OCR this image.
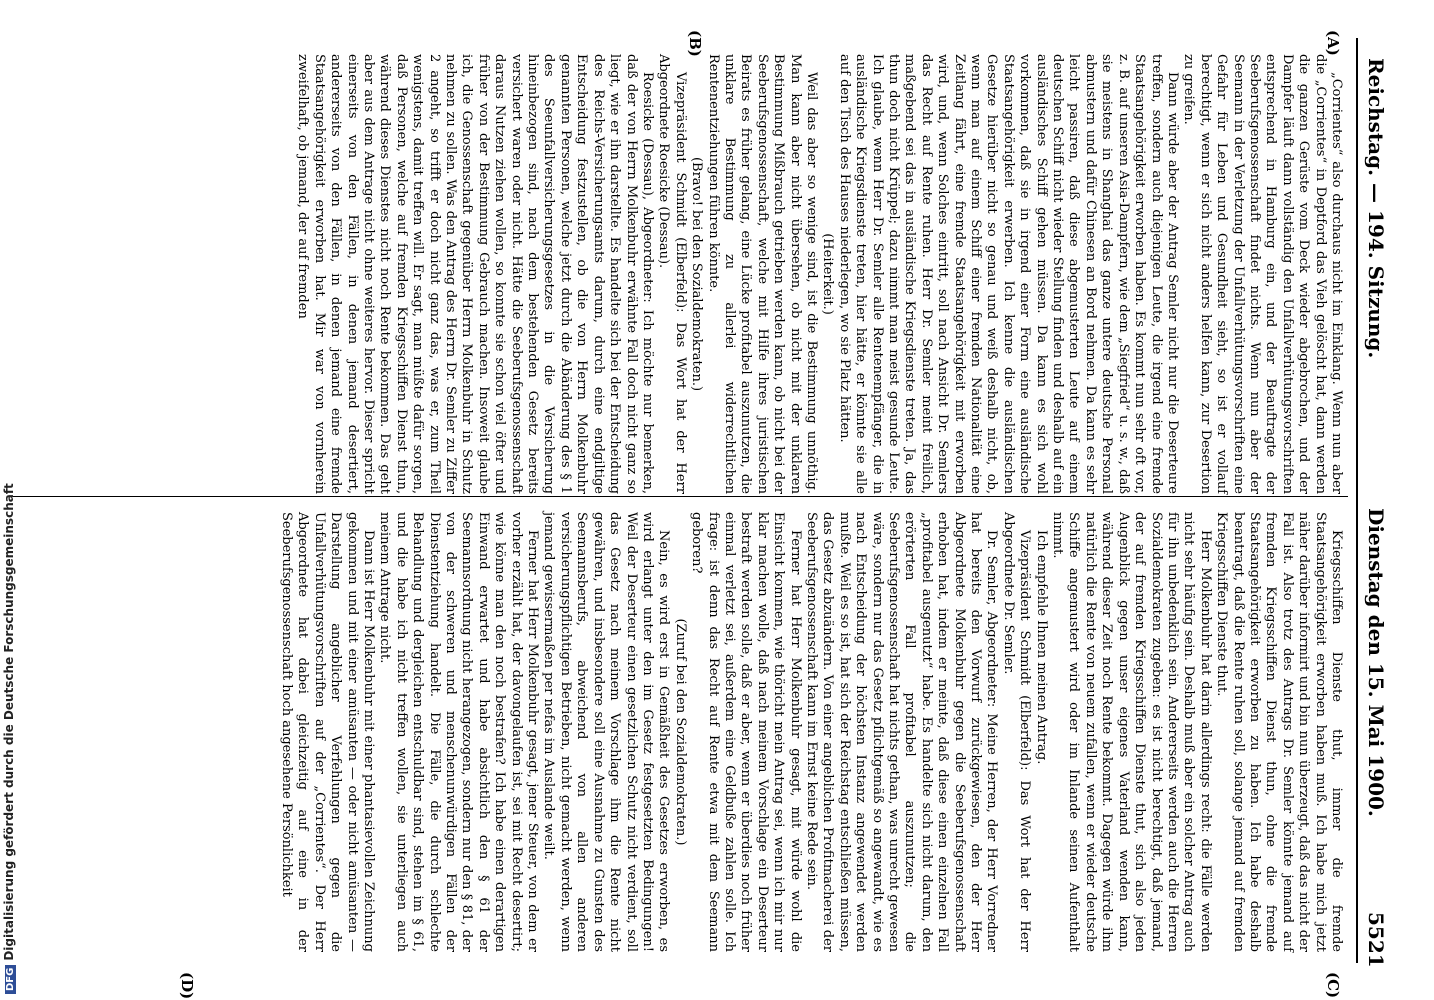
Reichstag. — 194. Sitzung.
Dienstag den 15. Mai 1900.
5521
(A)
(B)
(C)
(D)

„Corrientes“ also durchaus nicht im Einklang. Wenn nun aber die „Corrientes“ in Deptford das Vieh gelöscht hat, dann werden die ganzen Gerüste vom Deck wieder abgebrochen, und der Dampfer läuft dann vollständig den Unfallverhütungsvorschriften entsprechend in Hamburg ein, und der Beauftragte der Seeberufsgenossenschaft findet nichts. Wenn nun aber der Seemann in der Verletzung der Unfallverhütungsvorschriften eine Gefahr für Leben und Gesundheit sieht, so ist er vollauf berechtigt, wenn er sich nicht anders helfen kann, zur Desertion zu greifen.

Dann würde aber der Antrag Semler nicht nur die Deserteure treffen, sondern auch diejenigen Leute, die irgend eine fremde Staatsangehörigkeit erworben haben. Es kommt nun sehr oft vor, z. B. auf unseren Asia-Dampfern, wie dem „Siegfried“ u. s. w., daß sie meistens in Shanghai das ganze untere deutsche Personal abmustern und dafür Chinesen an Bord nehmen. Da kann es sehr leicht passiren, daß diese abgemusterten Leute auf einem deutschen Schiff nicht wieder Stellung finden und deshalb auf ein ausländisches Schiff gehen müssen. Da kann es sich wohl vorkommen, daß sie in irgend einer Form eine ausländische Staatsangehörigkeit erwerben. Ich kenne die ausländischen Gesetze hierüber nicht so genau und weiß deshalb nicht, ob, wenn man auf einem Schiff einer fremden Nationalität eine Zeitlang fährt, eine fremde Staatsangehörigkeit mit erworben wird, und, wenn Solches eintritt, soll nach Ansicht Dr. Semlers das Recht auf Rente ruhen. Herr Dr. Semler meint freilich, maßgebend sei das in ausländische Kriegsdienste treten. Ja, das thun doch nicht Krüppel; dazu nimmt man meist gesunde Leute. Ich glaube, wenn Herr Dr. Semler alle Rentenempfänger, die in ausländische Kriegsdienste treten, hier hätte, er könnte sie alle auf den Tisch des Hauses niederlegen, wo sie Platz hätten.

(Heiterkeit.)

Weil das aber so wenige sind, ist die Bestimmung unnöthig. Man kann aber nicht übersehen, ob nicht mit der unklaren Bestimmung Mißbrauch getrieben werden kann, ob nicht bei der Seeberufsgenossenschaft, welche mit Hilfe ihres juristischen Beirats es früher gelang, eine Lücke profitabel auszunutzen, die unklare Bestimmung zu allerlei widerrechtlichen Rentenentziehungen führen könnte.

(Bravo! bei den Sozialdemokraten.)

Vizepräsident Schmidt (Elberfeld): Das Wort hat der Herr Abgeordnete Roesicke (Dessau).

Roesicke (Dessau), Abgeordneter: Ich möchte nur bemerken, daß der von Herrn Molkenbuhr erwähnte Fall doch nicht ganz so liegt, wie er ihn darstellte. Es handelte sich bei der Entscheidung des Reichs-Versicherungsamts darum, durch eine endgiltige Entscheidung festzustellen, ob die von Herrn Molkenbuhr genannten Personen, welche jetzt durch die Abänderung des § 1 des Seeunfallversicherungsgesetzes in die Versicherung hineinbezogen sind, nach dem bestehenden Gesetz bereits versichert waren oder nicht. Hätte die Seeberufsgenossenschaft daraus Nutzen ziehen wollen, so konnte sie schon viel öfter und früher von der Bestimmung Gebrauch machen. Insoweit glaube ich, die Genossenschaft gegenüber Herrn Molkenbuhr in Schutz nehmen zu sollen. Was den Antrag des Herrn Dr. Semler zu Ziffer 2 angeht, so trifft er doch nicht ganz das, was er, zum Theil wenigstens, damit treffen will. Er sagt, man müßte dafür sorgen, daß Personen, welche auf fremden Kriegsschiffen Dienst thun, während dieses Dienstes nicht noch Rente bekommen. Das geht aber aus dem Antrage nicht ohne weiteres hervor. Dieser spricht einerseits von den Fällen, in denen jemand desertiert, andererseits von den Fällen, in denen jemand eine fremde Staatsangehörigkeit erworben hat. Mir war von vornherein zweifelhaft, ob jemand, der auf fremden

Kriegsschiffen Dienste thut, immer die fremde Staatsangehörigkeit erworben haben muß. Ich habe mich jetzt näher darüber informirt und bin nun überzeugt, daß das nicht der Fall ist. Also trotz des Antrags Dr. Semler könnte jemand auf fremden Kriegsschiffen Dienst thun, ohne die fremde Staatsangehörigkeit erworben zu haben. Ich habe deshalb beantragt, daß die Rente ruhen soll, solange jemand auf fremden Kriegsschiffen Dienste thut.

Herr Molkenbuhr hat darin allerdings recht: die Fälle werden nicht sehr häufig sein. Deshalb muß aber ein solcher Antrag auch für ihn unbedenklich sein. Andererseits werden auch die Herren Sozialdemokraten zugeben: es ist nicht berechtigt, daß jemand, der auf fremden Kriegsschiffen Dienste thut, sich also jeden Augenblick gegen unser eigenes Vaterland wenden kann, während dieser Zeit noch Rente bekommt. Dagegen würde ihm natürlich die Rente von neuem zufallen, wenn er wieder deutsche Schiffe angemustert wird oder im Inlande seinen Aufenthalt nimmt.

Ich empfehle Ihnen meinen Antrag.

Vizepräsident Schmidt (Elberfeld): Das Wort hat der Herr Abgeordnete Dr. Semler.

Dr. Semler, Abgeordneter: Meine Herren, der Herr Vorredner hat bereits den Vorwurf zurückgewiesen, den der Herr Abgeordnete Molkenbuhr gegen die Seeberufsgenossenschaft erhoben hat, indem er meinte, daß diese einen einzelnen Fall „profitabel ausgenutzt“ habe. Es handelte sich nicht darum, den erörterten Fall profitabel auszunutzen; die Seeberufsgenossenschaft hat nichts gethan, was unrecht gewesen wäre, sondern nur das Gesetz pflichtgemäß so angewandt, wie es nach Entscheidung der höchsten Instanz angewendet werden mußte. Weil es so ist, hat sich der Reichstag entschließen müssen, das Gesetz abzuändern. Von einer angeblichen Profitmacherei der Seeberufsgenossenschaft kann im Ernst keine Rede sein.

Ferner hat Herr Molkenbuhr gesagt, mit würde wohl die Einsicht kommen, wie thöricht mein Antrag sei, wenn ich mir nur klar machen wolle, daß nach meinem Vorschlage ein Deserteur bestraft werden solle, daß er aber, wenn er überdies noch früher einmal verletzt sei, außerdem eine Geldbuße zahlen solle. Ich frage: ist denn das Recht auf Rente etwa mit dem Seemann geboren?

(Zuruf bei den Sozialdemokraten.)

Nein, es wird erst in Gemäßheit des Gesetzes erworben, es wird erlangt unter den im Gesetz festgesetzten Bedingungen! Weil der Deserteur einen gesetzlichen Schutz nicht verdient, soll das Gesetz nach meinem Vorschlage ihm die Rente nicht gewähren, und insbesondere soll eine Ausnahme zu Gunsten des Seemannsberufs, abweichend von allen anderen versicherungspflichtigen Betrieben, nicht gemacht werden, wenn jemand gewissermaßen per nefas im Auslande weilt.

Ferner hat Herr Molkenbuhr gesagt, jener Steuer, von dem er vorher erzählt hat, der davongelaufen ist, sei mit Recht desertirt; wie könne man den noch bestrafen? Ich habe einen derartigen Einwand erwartet und habe absichtlich den § 61 der Seemannsordnung nicht herangezogen, sondern nur den § 81, der von der schweren und menschenunwürdigen Fällen der Dienstentziehung handelt. Die Fälle, die durch schlechte Behandlung und dergleichen entschuldbar sind, stehen im § 61, und die habe ich nicht treffen wollen, sie unterliegen auch meinem Antrage nicht.

Dann ist Herr Molkenbuhr mit einer phantasievollen Zeichnung gekommen und mit einer amüsanten — oder nicht amüsanten — Darstellung angeblicher Verfehlungen gegen die Unfallverhütungsvorschriften auf der „Corrientes“. Der Herr Abgeordnete hat dabei gleichzeitig auf eine in der Seeberufsgenossenschaft hoch angesehene Persönlichkeit

DFGDigitalisierung gefördert durch die Deutsche Forschungsgemeinschaft
